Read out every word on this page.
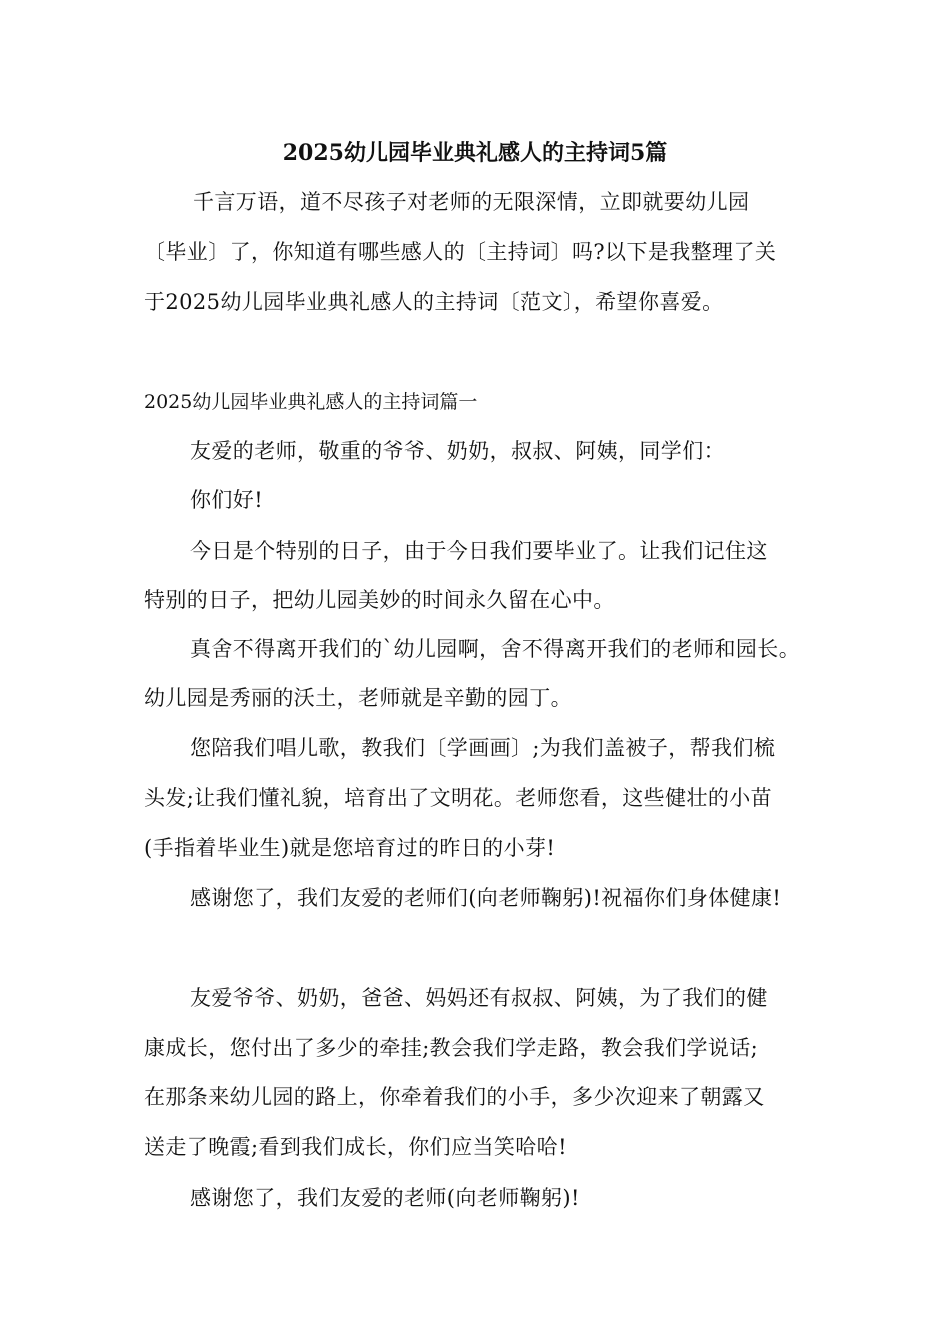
2025幼儿园毕业典礼感人的主持词5篇
千言万语，道不尽孩子对老师的无限深情，立即就要幼儿园
〔毕业〕了，你知道有哪些感人的〔主持词〕吗?以下是我整理了关
于2025幼儿园毕业典礼感人的主持词〔范文〕，希望你喜爱。
2025幼儿园毕业典礼感人的主持词篇一
友爱的老师，敬重的爷爷、奶奶，叔叔、阿姨，同学们：
你们好!
今日是个特别的日子，由于今日我们要毕业了。让我们记住这
特别的日子，把幼儿园美妙的时间永久留在心中。
真舍不得离开我们的`幼儿园啊，舍不得离开我们的老师和园长。
幼儿园是秀丽的沃土，老师就是辛勤的园丁。
您陪我们唱儿歌，教我们〔学画画〕;为我们盖被子，帮我们梳
头发;让我们懂礼貌，培育出了文明花。老师您看，这些健壮的小苗
(手指着毕业生)就是您培育过的昨日的小芽!
感谢您了，我们友爱的老师们(向老师鞠躬)!祝福你们身体健康!
友爱爷爷、奶奶，爸爸、妈妈还有叔叔、阿姨，为了我们的健
康成长，您付出了多少的牵挂;教会我们学走路，教会我们学说话;
在那条来幼儿园的路上，你牵着我们的小手，多少次迎来了朝露又
送走了晚霞;看到我们成长，你们应当笑哈哈!
感谢您了，我们友爱的老师(向老师鞠躬)!
